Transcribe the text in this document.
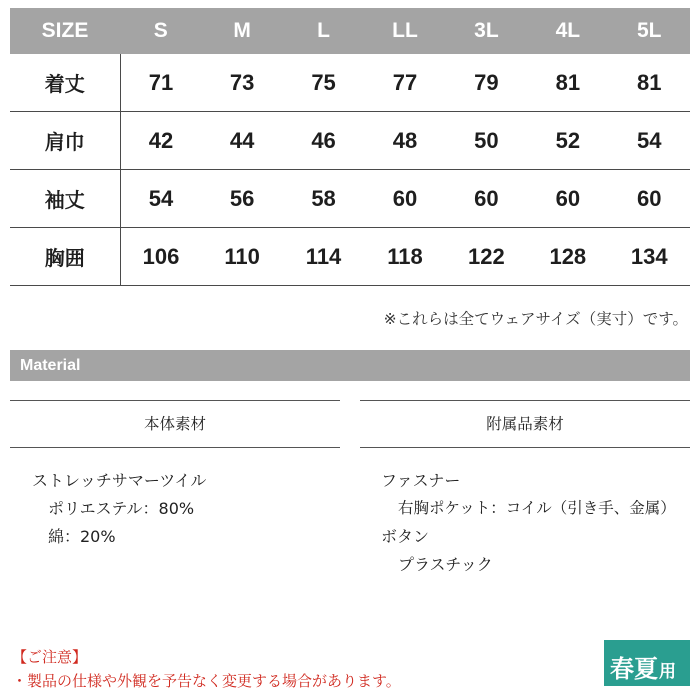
SIZE	S	M	L	LL	3L	4L	5L
着丈	71	73	75	77	79	81	81
肩巾	42	44	46	48	50	52	54
袖丈	54	56	58	60	60	60	60
胸囲	106	110	114	118	122	128	134
※これらは全てウェアサイズ（実寸）です。
Material
本体素材	附属品素材
ストレッチサマーツイル
ポリエステル：80%
綿：20%
ファスナー
右胸ポケット：コイル（引き手、金属）
ボタン
プラスチック
【ご注意】
・製品の仕様や外観を予告なく変更する場合があります。	春夏 用
